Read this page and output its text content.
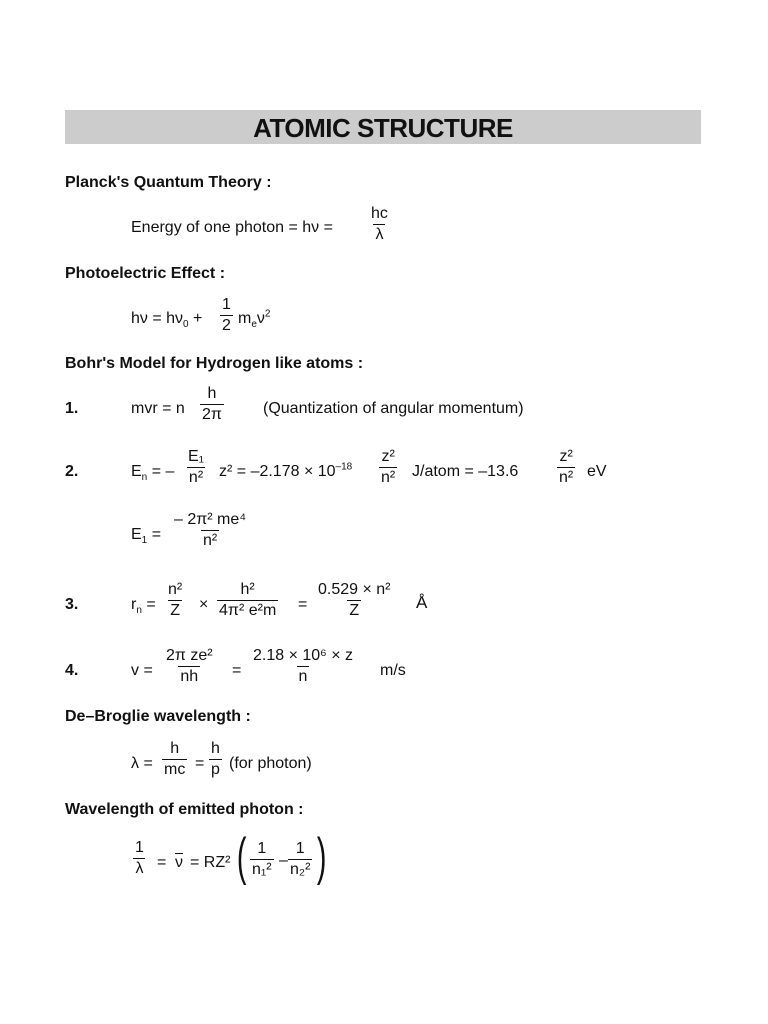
ATOMIC STRUCTURE
Planck's Quantum Theory :
Energy of one photon = $h\nu = \frac{hc}{\lambda}$
Photoelectric Effect :
$h\nu = h\nu_0 + \frac{1}{2} m_e\nu^2$
Bohr's Model for Hydrogen like atoms :
1.	mvr = n $\frac{h}{2\pi}$ (Quantization of angular momentum)
2.	$E_n$ = – $\frac{\text{E₁}}{\text{n²}} z^2 = -2.178 \times 10^{-18} \frac{\text{z²}}{\text{n²}}$ J/atom = $-13.6 \frac{\text{z²}}{\text{n²}}$ eV
$E_1 = \frac{\text{– 2π² me⁴}}{\text{n²}}$
3.	$r_n = \frac{\text{n²}}{Z} \times \frac{\text{h²}}{\text{4π² e²m}} = \frac{\text{0.529 × n²}}{Z}$ Å
4.	$v = \frac{\text{2π ze²}}{nh} = \frac{\text{2.18 × 10⁶ × z}}{n} m/s$
De–Broglie wavelength :
$\lambda = \frac{h}{mc} = \frac{h}{p} (for$ photon)
Wavelength of emitted photon :
$\frac{1}{\lambda} = \overline{\nu} = RZ^2$ ( $\frac{1}{\text{n₁²}} - \frac{1}{\text{n₂²}}$ )
